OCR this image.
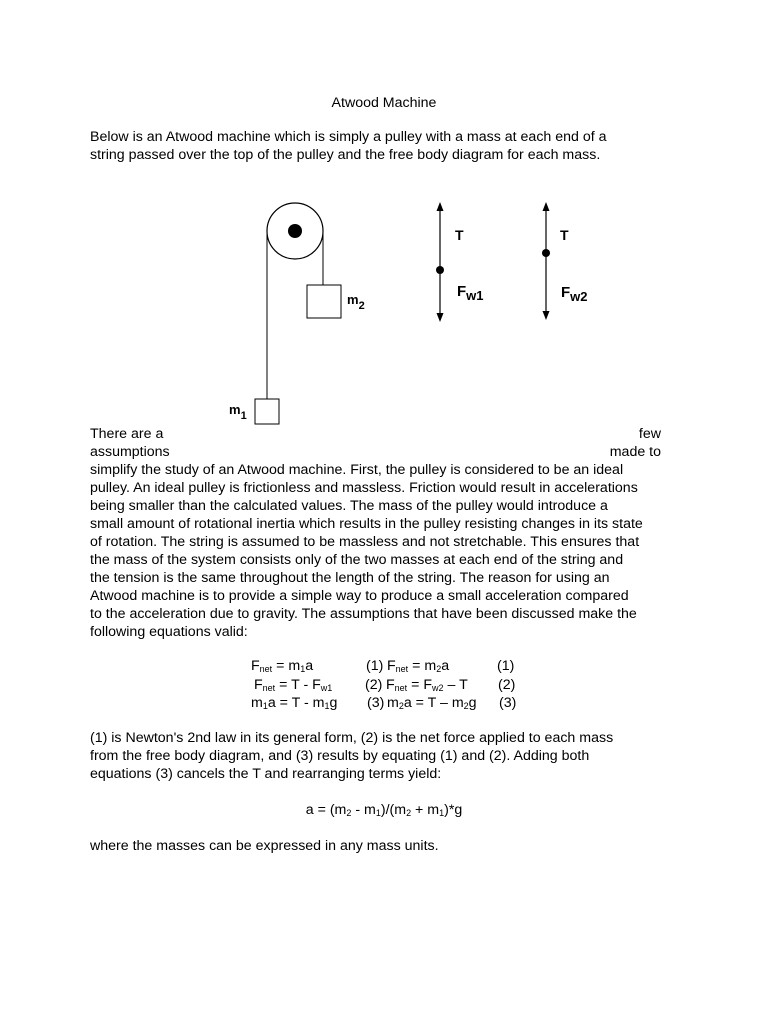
Atwood Machine
Below is an Atwood machine which is simply a pulley with a mass at each end of a
string passed over the top of the pulley and the free body diagram for each mass.
$m_2$
$m_1$
T
Fw1
T
Fw2
There are a	few
assumptions	made to
simplify the study of an Atwood machine. First, the pulley is considered to be an ideal
pulley. An ideal pulley is frictionless and massless. Friction would result in accelerations
being smaller than the calculated values. The mass of the pulley would introduce a
small amount of rotational inertia which results in the pulley resisting changes in its state
of rotation. The string is assumed to be massless and not stretchable. This ensures that
the mass of the system consists only of the two masses at each end of the string and
the tension is the same throughout the length of the string. The reason for using an
Atwood machine is to provide a simple way to produce a small acceleration compared
to the acceleration due to gravity. The assumptions that have been discussed make the
following equations valid:
$F_{net} = m_1a$	(1) $F_{net} = m_2a$	(1)
$F_{net} = T - F_{w1}$ (2) $F_{net} = F_{w2} - T$ (2)
$m_1a = T - m_1g$ (3) $m_2a = T - m_2g$ (3)
(1) is Newton's 2nd law in its general form, (2) is the net force applied to each mass
from the free body diagram, and (3) results by equating (1) and (2). Adding both
equations (3) cancels the T and rearranging terms yield:
$a = (m_2 - m_1)/(m_2 + m_1)*g$
where the masses can be expressed in any mass units.
